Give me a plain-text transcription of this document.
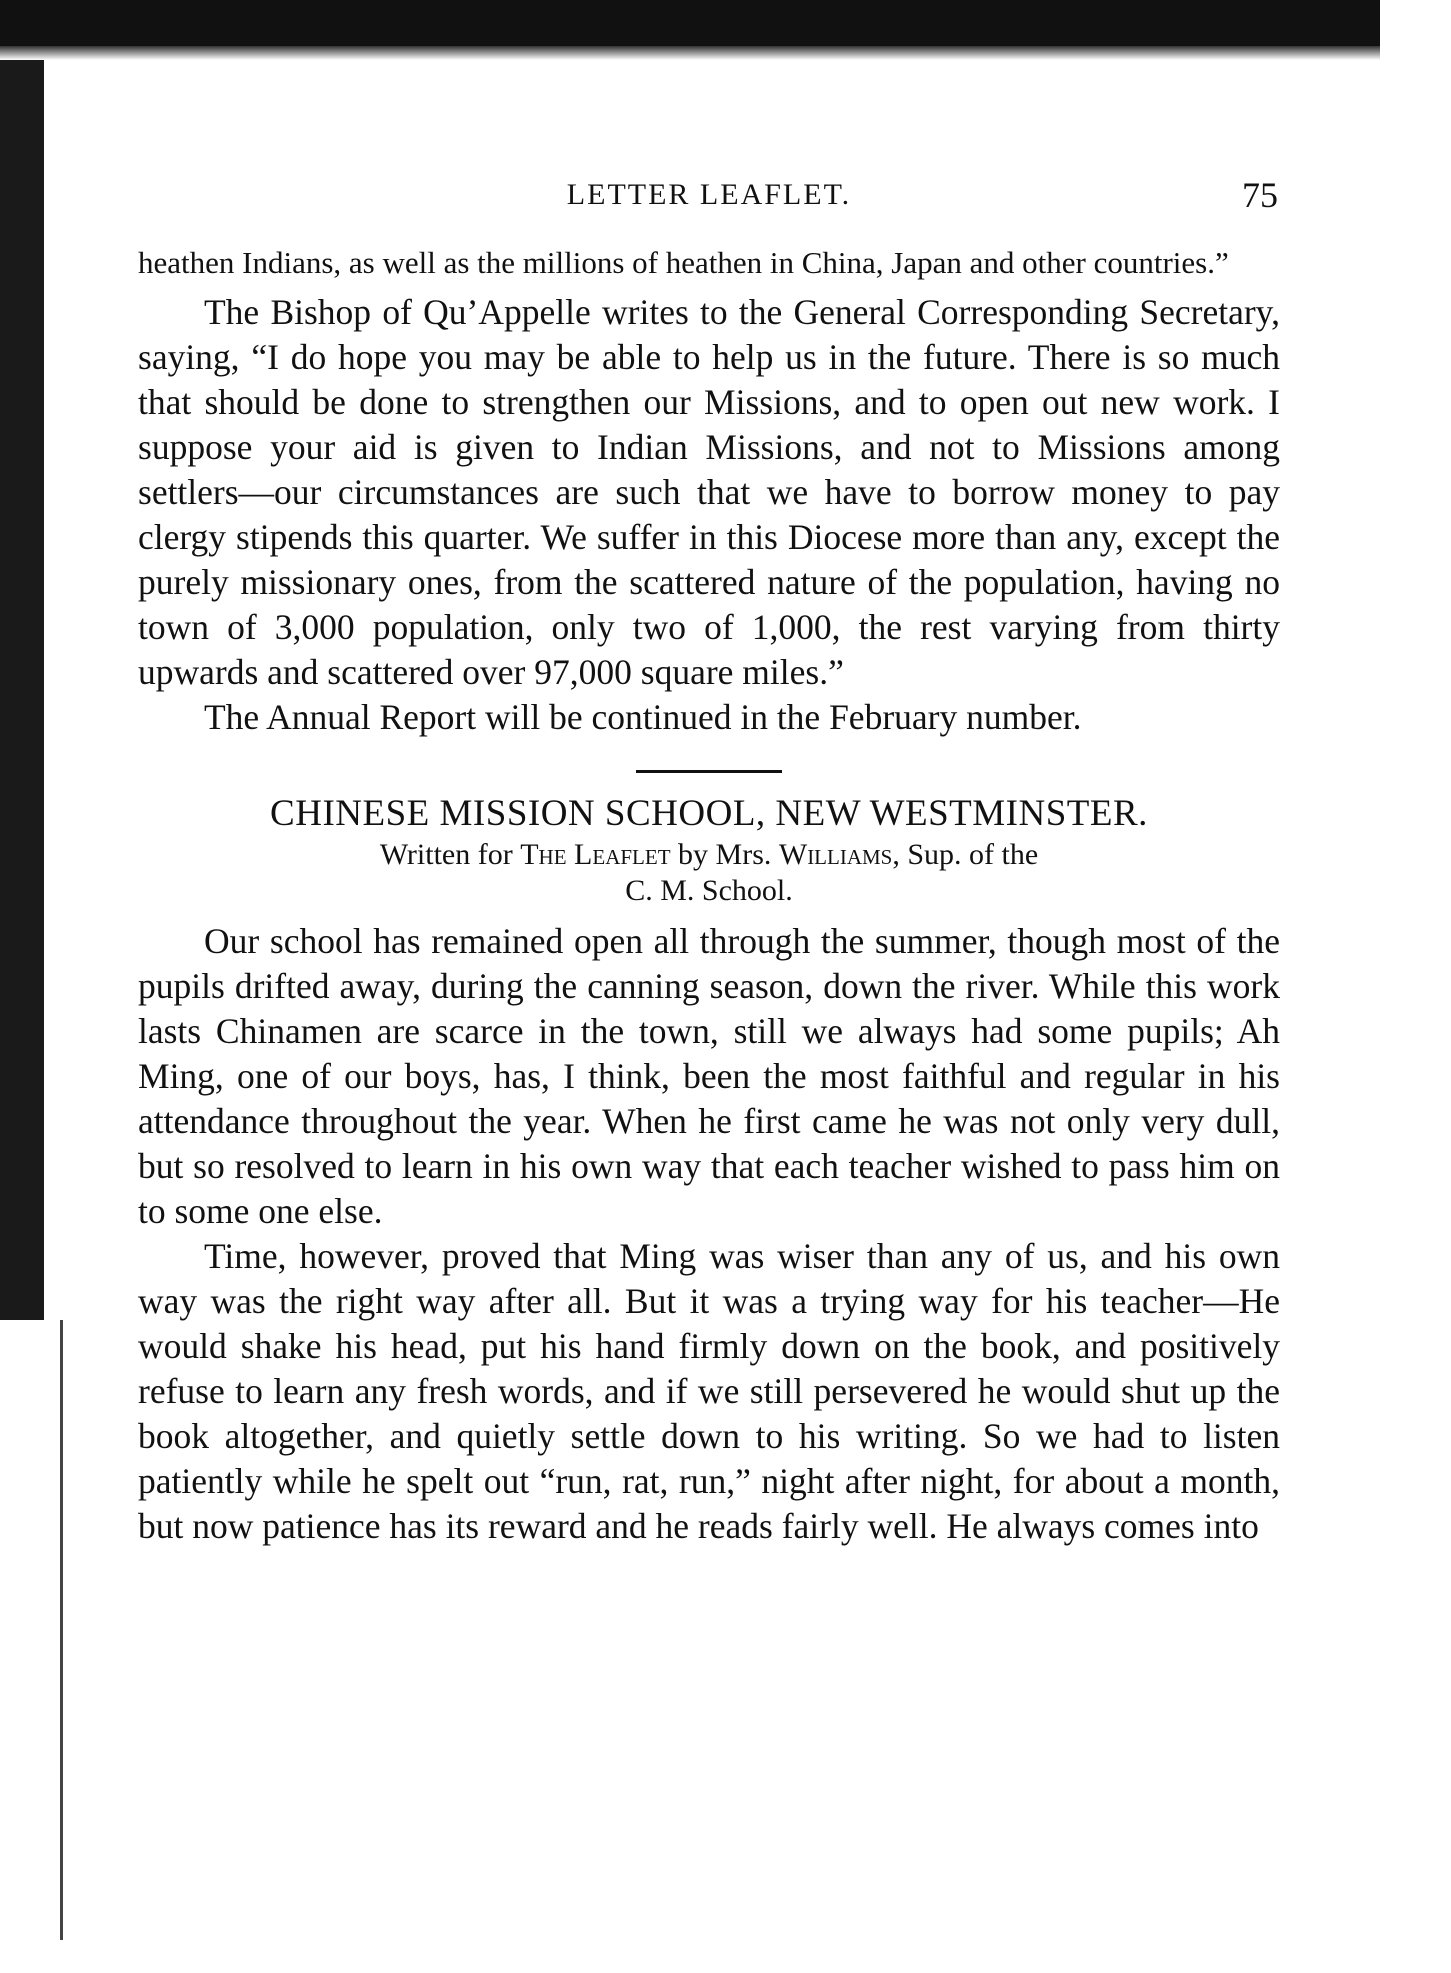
LETTER LEAFLET.	75

heathen Indians, as well as the millions of heathen in China, Japan and other countries.”

The Bishop of Qu’Appelle writes to the General Corresponding Secretary, saying, “I do hope you may be able to help us in the future. There is so much that should be done to strengthen our Missions, and to open out new work. I suppose your aid is given to Indian Missions, and not to Missions among settlers—our circumstances are such that we have to borrow money to pay clergy stipends this quarter. We suffer in this Diocese more than any, except the purely missionary ones, from the scattered nature of the population, having no town of 3,000 population, only two of 1,000, the rest varying from thirty upwards and scattered over 97,000 square miles.”

The Annual Report will be continued in the February number.

CHINESE MISSION SCHOOL, NEW WESTMINSTER.

Written for The Leaflet by Mrs. Williams, Sup. of the
C. M. School.

Our school has remained open all through the summer, though most of the pupils drifted away, during the canning season, down the river. While this work lasts Chinamen are scarce in the town, still we always had some pupils; Ah Ming, one of our boys, has, I think, been the most faithful and regular in his attendance throughout the year. When he first came he was not only very dull, but so resolved to learn in his own way that each teacher wished to pass him on to some one else.

Time, however, proved that Ming was wiser than any of us, and his own way was the right way after all. But it was a trying way for his teacher—He would shake his head, put his hand firmly down on the book, and positively refuse to learn any fresh words, and if we still persevered he would shut up the book altogether, and quietly settle down to his writing. So we had to listen patiently while he spelt out “run, rat, run,” night after night, for about a month, but now patience has its reward and he reads fairly well. He always comes into
